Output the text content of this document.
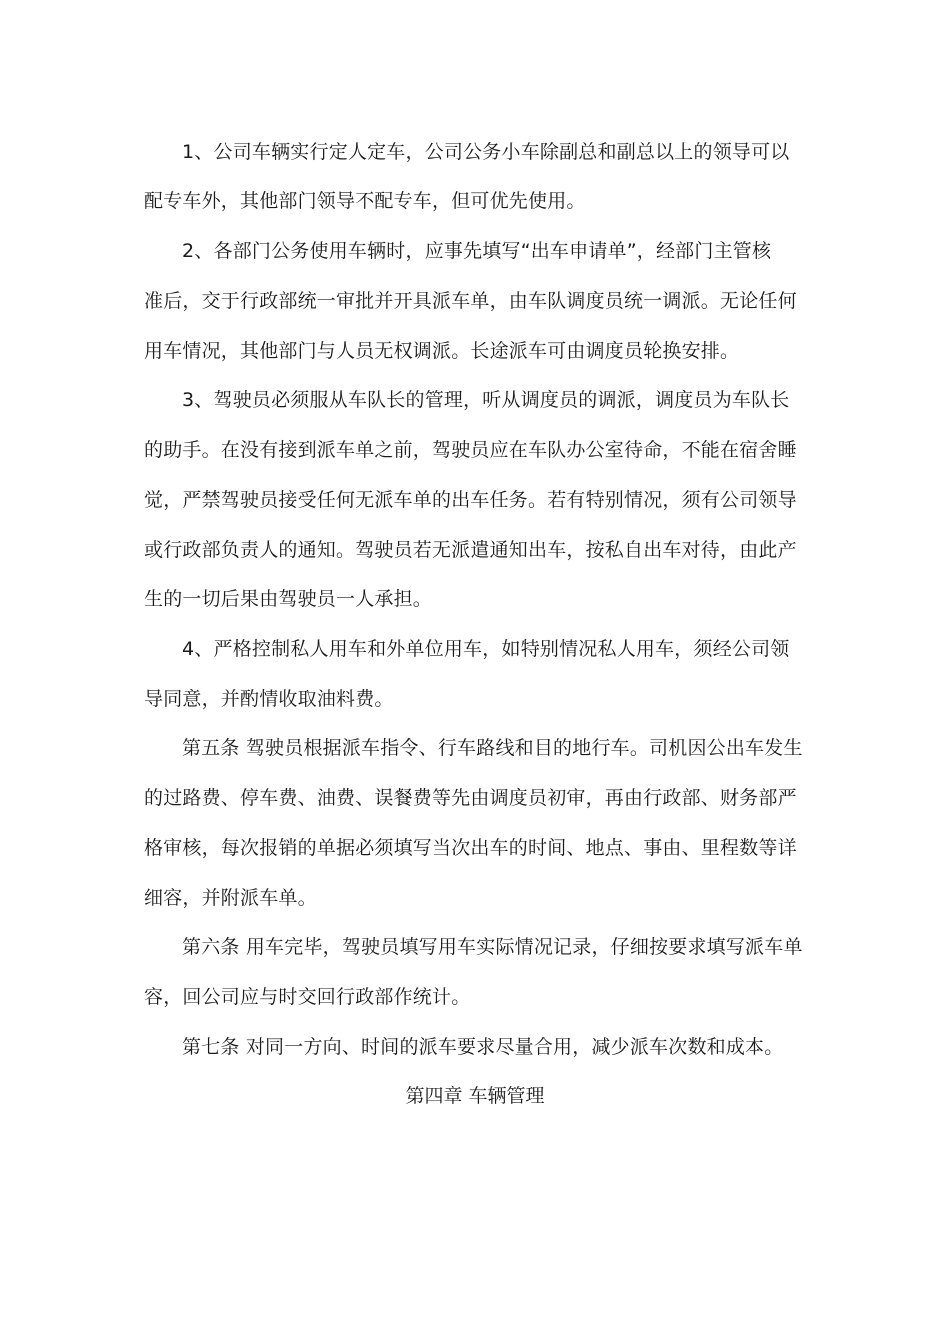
1、公司车辆实行定人定车，公司公务小车除副总和副总以上的领导可以
配专车外，其他部门领导不配专车，但可优先使用。
2、各部门公务使用车辆时，应事先填写“出车申请单”，经部门主管核
准后，交于行政部统一审批并开具派车单，由车队调度员统一调派。无论任何
用车情况，其他部门与人员无权调派。长途派车可由调度员轮换安排。
3、驾驶员必须服从车队长的管理，听从调度员的调派，调度员为车队长
的助手。在没有接到派车单之前，驾驶员应在车队办公室待命，不能在宿舍睡
觉，严禁驾驶员接受任何无派车单的出车任务。若有特别情况，须有公司领导
或行政部负责人的通知。驾驶员若无派遣通知出车，按私自出车对待，由此产
生的一切后果由驾驶员一人承担。
4、严格控制私人用车和外单位用车，如特别情况私人用车，须经公司领
导同意，并酌情收取油料费。
第五条 驾驶员根据派车指令、行车路线和目的地行车。司机因公出车发生
的过路费、停车费、油费、误餐费等先由调度员初审，再由行政部、财务部严
格审核，每次报销的单据必须填写当次出车的时间、地点、事由、里程数等详
细容，并附派车单。
第六条 用车完毕，驾驶员填写用车实际情况记录，仔细按要求填写派车单
容，回公司应与时交回行政部作统计。
第七条 对同一方向、时间的派车要求尽量合用，减少派车次数和成本。
第四章 车辆管理
